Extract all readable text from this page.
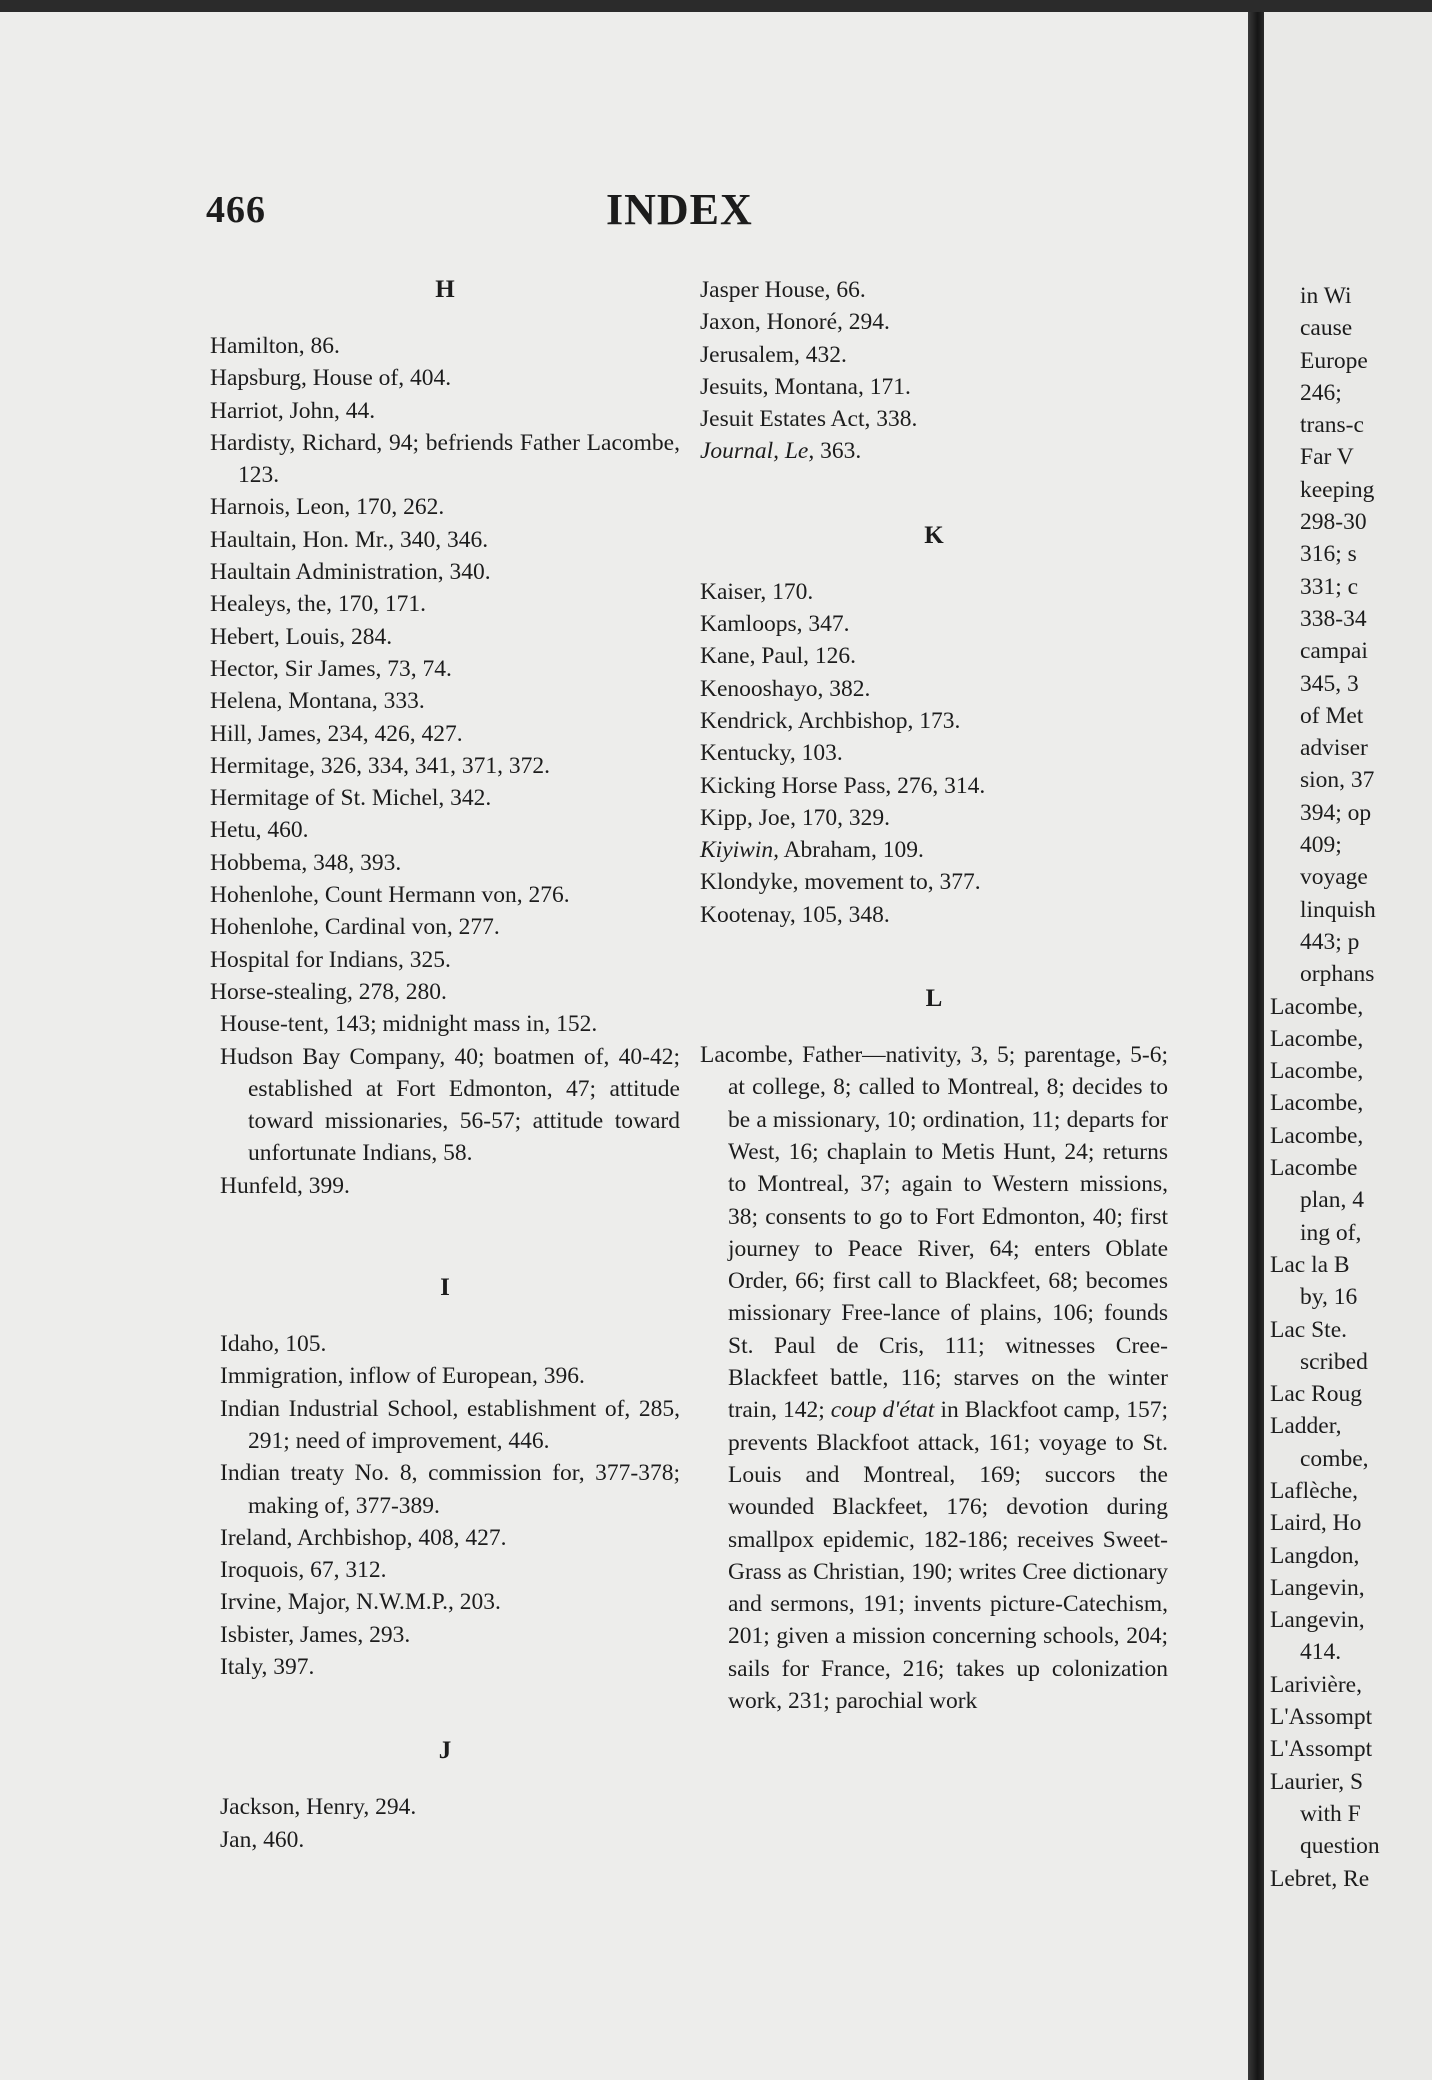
466	INDEX
H
Hamilton, 86.
Hapsburg, House of, 404.
Harriot, John, 44.
Hardisty, Richard, 94; befriends Father Lacombe, 123.
Harnois, Leon, 170, 262.
Haultain, Hon. Mr., 340, 346.
Haultain Administration, 340.
Healeys, the, 170, 171.
Hebert, Louis, 284.
Hector, Sir James, 73, 74.
Helena, Montana, 333.
Hill, James, 234, 426, 427.
Hermitage, 326, 334, 341, 371, 372.
Hermitage of St. Michel, 342.
Hetu, 460.
Hobbema, 348, 393.
Hohenlohe, Count Hermann von, 276.
Hohenlohe, Cardinal von, 277.
Hospital for Indians, 325.
Horse-stealing, 278, 280.
House-tent, 143; midnight mass in, 152.
Hudson Bay Company, 40; boatmen of, 40-42; established at Fort Edmonton, 47; attitude toward missionaries, 56-57; attitude toward unfortunate Indians, 58.
Hunfeld, 399.
I
Idaho, 105.
Immigration, inflow of European, 396.
Indian Industrial School, establishment of, 285, 291; need of improvement, 446.
Indian treaty No. 8, commission for, 377-378; making of, 377-389.
Ireland, Archbishop, 408, 427.
Iroquois, 67, 312.
Irvine, Major, N.W.M.P., 203.
Isbister, James, 293.
Italy, 397.
J
Jackson, Henry, 294.
Jan, 460.
Jasper House, 66.
Jaxon, Honoré, 294.
Jerusalem, 432.
Jesuits, Montana, 171.
Jesuit Estates Act, 338.
Journal, Le, 363.
K
Kaiser, 170.
Kamloops, 347.
Kane, Paul, 126.
Kenooshayo, 382.
Kendrick, Archbishop, 173.
Kentucky, 103.
Kicking Horse Pass, 276, 314.
Kipp, Joe, 170, 329.
Kiyiwin, Abraham, 109.
Klondyke, movement to, 377.
Kootenay, 105, 348.
L
Lacombe, Father—nativity, 3, 5; parentage, 5-6; at college, 8; called to Montreal, 8; decides to be a missionary, 10; ordination, 11; departs for West, 16; chaplain to Metis Hunt, 24; returns to Montreal, 37; again to Western missions, 38; consents to go to Fort Edmonton, 40; first journey to Peace River, 64; enters Oblate Order, 66; first call to Blackfeet, 68; becomes missionary Free-lance of plains, 106; founds St. Paul de Cris, 111; witnesses Cree-Blackfeet battle, 116; starves on the winter train, 142; coup d'état in Blackfoot camp, 157; prevents Blackfoot attack, 161; voyage to St. Louis and Montreal, 169; succors the wounded Blackfeet, 176; devotion during smallpox epidemic, 182-186; receives Sweet-Grass as Christian, 190; writes Cree dictionary and sermons, 191; invents picture-Catechism, 201; given a mission concerning schools, 204; sails for France, 216; takes up colonization work, 231; parochial work
in Wi
cause
Europe
246;
trans-c
Far V
keeping
298-30
316; s
331; c
338-34
campai
345, 3
of Met
adviser
sion, 37
394; op
409;
voyage
linquish
443; p
orphans
Lacombe,
Lacombe,
Lacombe,
Lacombe,
Lacombe,
Lacombe
plan, 4
ing of,
Lac la B
by, 16
Lac Ste.
scribed
Lac Roug
Ladder,
combe,
Laflèche,
Laird, Ho
Langdon,
Langevin,
Langevin,
414.
Larivière,
L'Assompt
L'Assompt
Laurier, S
with F
question
Lebret, Re
